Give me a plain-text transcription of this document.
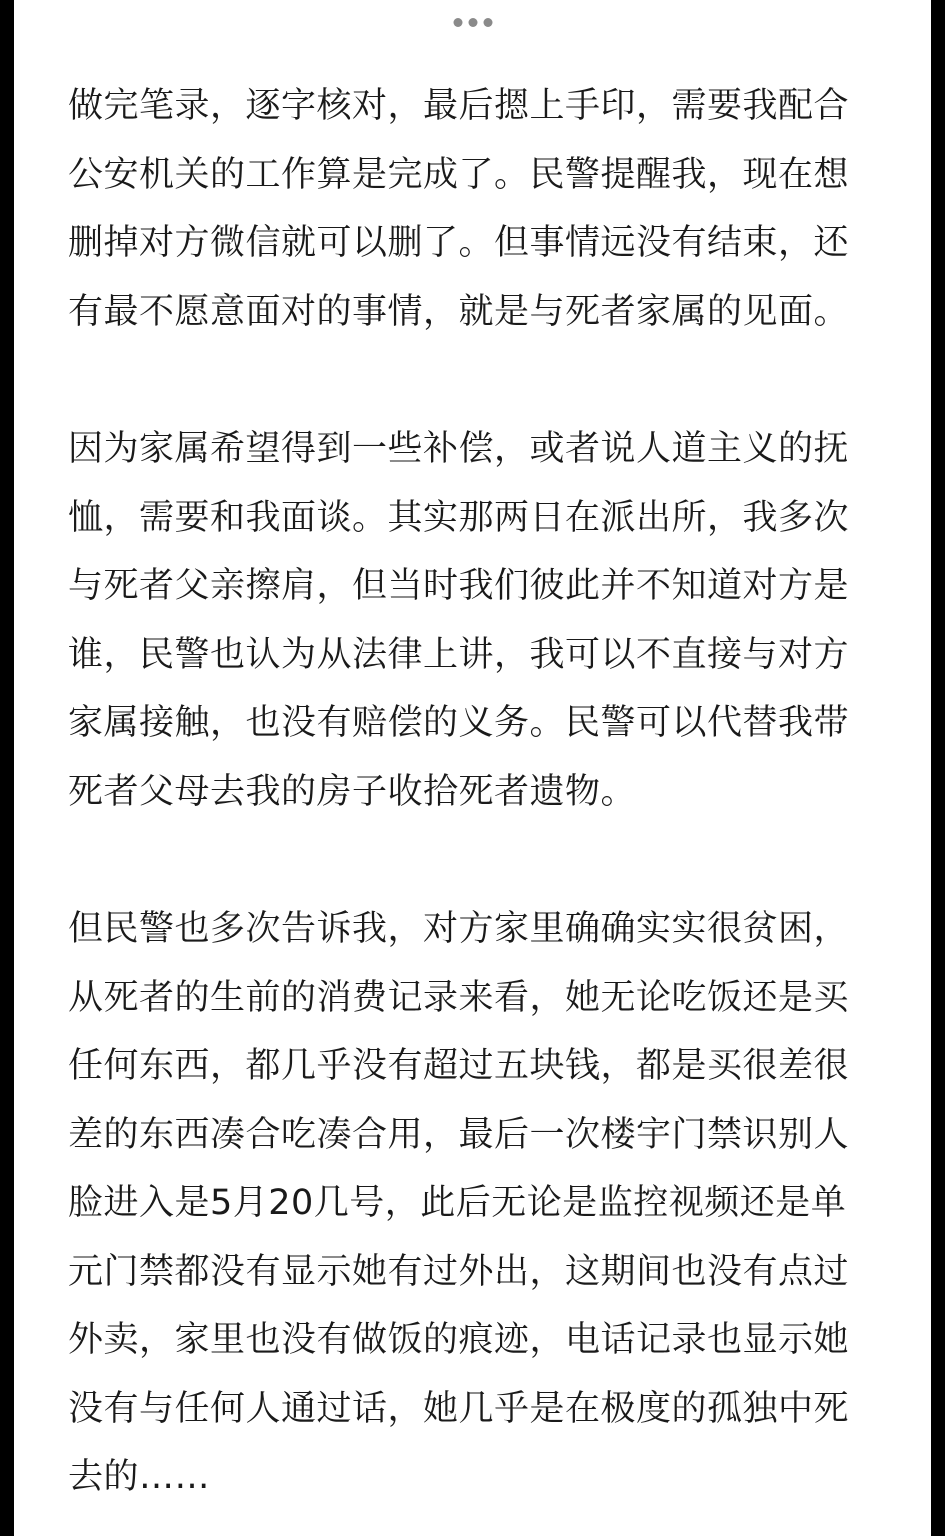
做完笔录，逐字核对，最后摁上手印，需要我配合公安机关的工作算是完成了。民警提醒我，现在想删掉对方微信就可以删了。但事情远没有结束，还有最不愿意面对的事情，就是与死者家属的见面。

因为家属希望得到一些补偿，或者说人道主义的抚恤，需要和我面谈。其实那两日在派出所，我多次与死者父亲擦肩，但当时我们彼此并不知道对方是谁，民警也认为从法律上讲，我可以不直接与对方家属接触，也没有赔偿的义务。民警可以代替我带死者父母去我的房子收拾死者遗物。

但民警也多次告诉我，对方家里确确实实很贫困，从死者的生前的消费记录来看，她无论吃饭还是买任何东西，都几乎没有超过五块钱，都是买很差很差的东西凑合吃凑合用，最后一次楼宇门禁识别人脸进入是5月20几号，此后无论是监控视频还是单元门禁都没有显示她有过外出，这期间也没有点过外卖，家里也没有做饭的痕迹，电话记录也显示她没有与任何人通过话，她几乎是在极度的孤独中死去的……
